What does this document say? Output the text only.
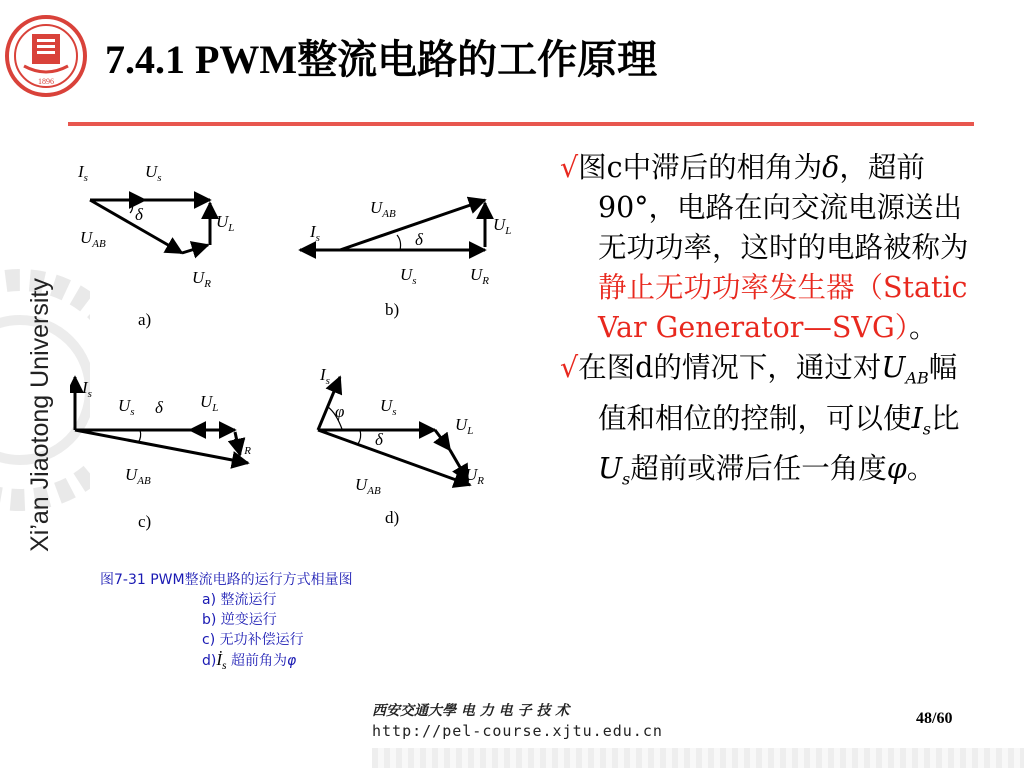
Xi’an Jiaotong University
1896 7.4.1 PWM整流电路的工作原理
$I_s$	$U_s$
$U_{AB}$
δ	$U_L$
$U_R$
$I_s$
$U_{AB}$
δ
$U_L$
$U_s$	$U_R$
$I_s$
$U_s$ δ $U_L$
$U_R$
$U_{AB}$
$I_s$
φ $U_s$
δ
$U_L$
$U_R$
$U_{AB}$
a)
b)
c)	d)
图7-31 PWM整流电路的运行方式相量图
a) 整流运行
b) 逆变运行
c) 无功补偿运行
$d)İ_s$ 超前角为φ
√图c中滞后的相角为δ，超前90°，电路在向交流电源送出无功功率，这时的电路被称为静止无功功率发生器（Static Var Generator—SVG）。
√在图d的情况下，通过对$U_{AB}$幅值和相位的控制，可以使$I_s$比$U_s$超前或滞后任一角度φ。
西安交通大學 电 力 电 子 技 术
http://pel-course.xjtu.edu.cn
48/60
